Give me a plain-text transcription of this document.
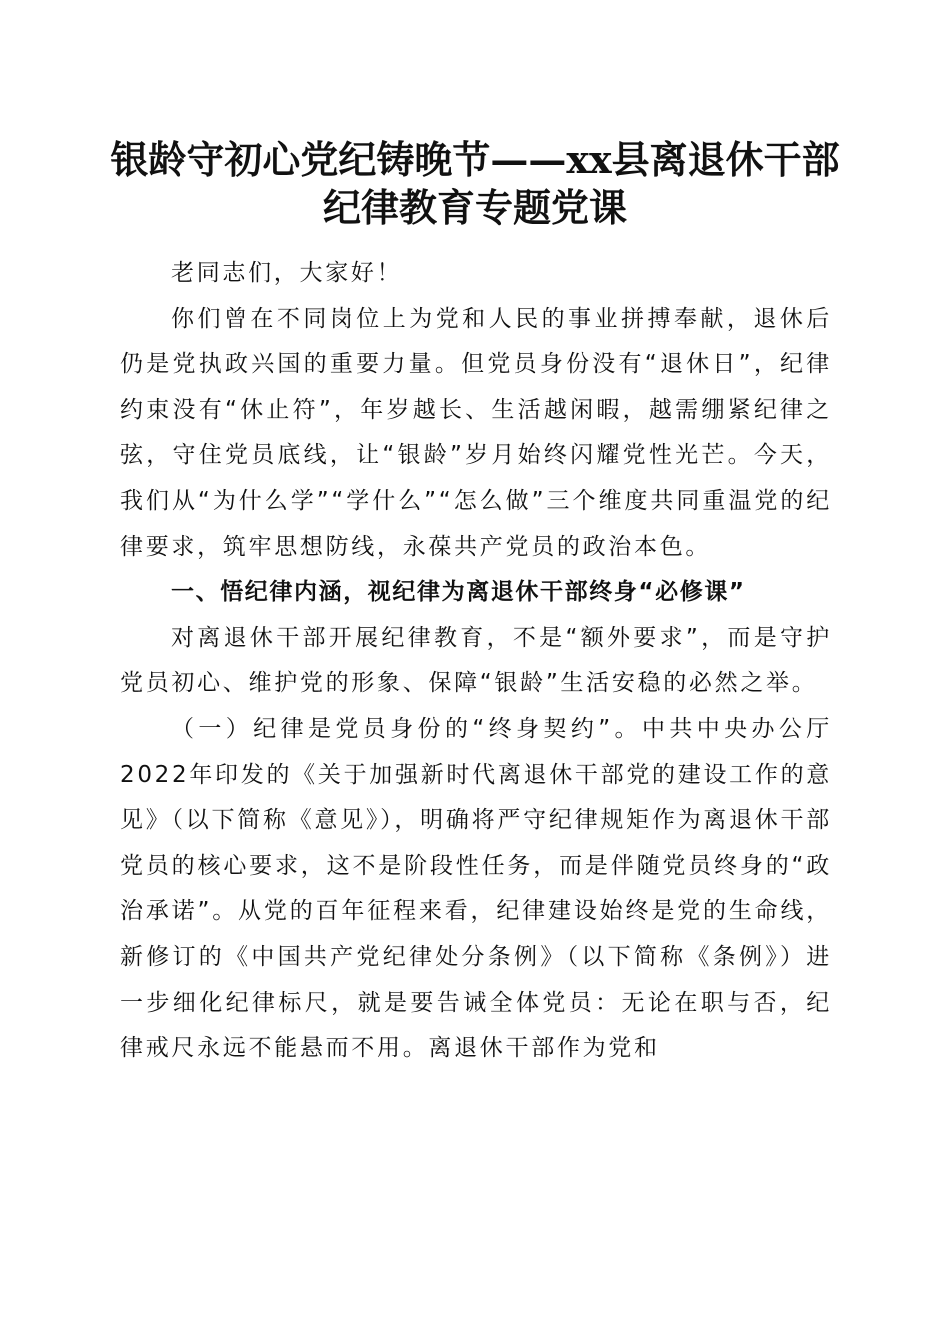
银龄守初心党纪铸晚节——xx县离退休干部
纪律教育专题党课

老同志们，大家好！

你们曾在不同岗位上为党和人民的事业拼搏奉献，退休后仍是党执政兴国的重要力量。但党员身份没有“退休日”，纪律约束没有“休止符”，年岁越长、生活越闲暇，越需绷紧纪律之弦，守住党员底线，让“银龄”岁月始终闪耀党性光芒。今天，我们从“为什么学”“学什么”“怎么做”三个维度共同重温党的纪律要求，筑牢思想防线，永葆共产党员的政治本色。

一、悟纪律内涵，视纪律为离退休干部终身“必修课”

对离退休干部开展纪律教育，不是“额外要求”，而是守护党员初心、维护党的形象、保障“银龄”生活安稳的必然之举。

（一）纪律是党员身份的“终身契约”。中共中央办公厅2022年印发的《关于加强新时代离退休干部党的建设工作的意见》（以下简称《意见》），明确将严守纪律规矩作为离退休干部党员的核心要求，这不是阶段性任务，而是伴随党员终身的“政治承诺”。从党的百年征程来看，纪律建设始终是党的生命线，新修订的《中国共产党纪律处分条例》（以下简称《条例》）进一步细化纪律标尺，就是要告诫全体党员：无论在职与否，纪律戒尺永远不能悬而不用。离退休干部作为党和
